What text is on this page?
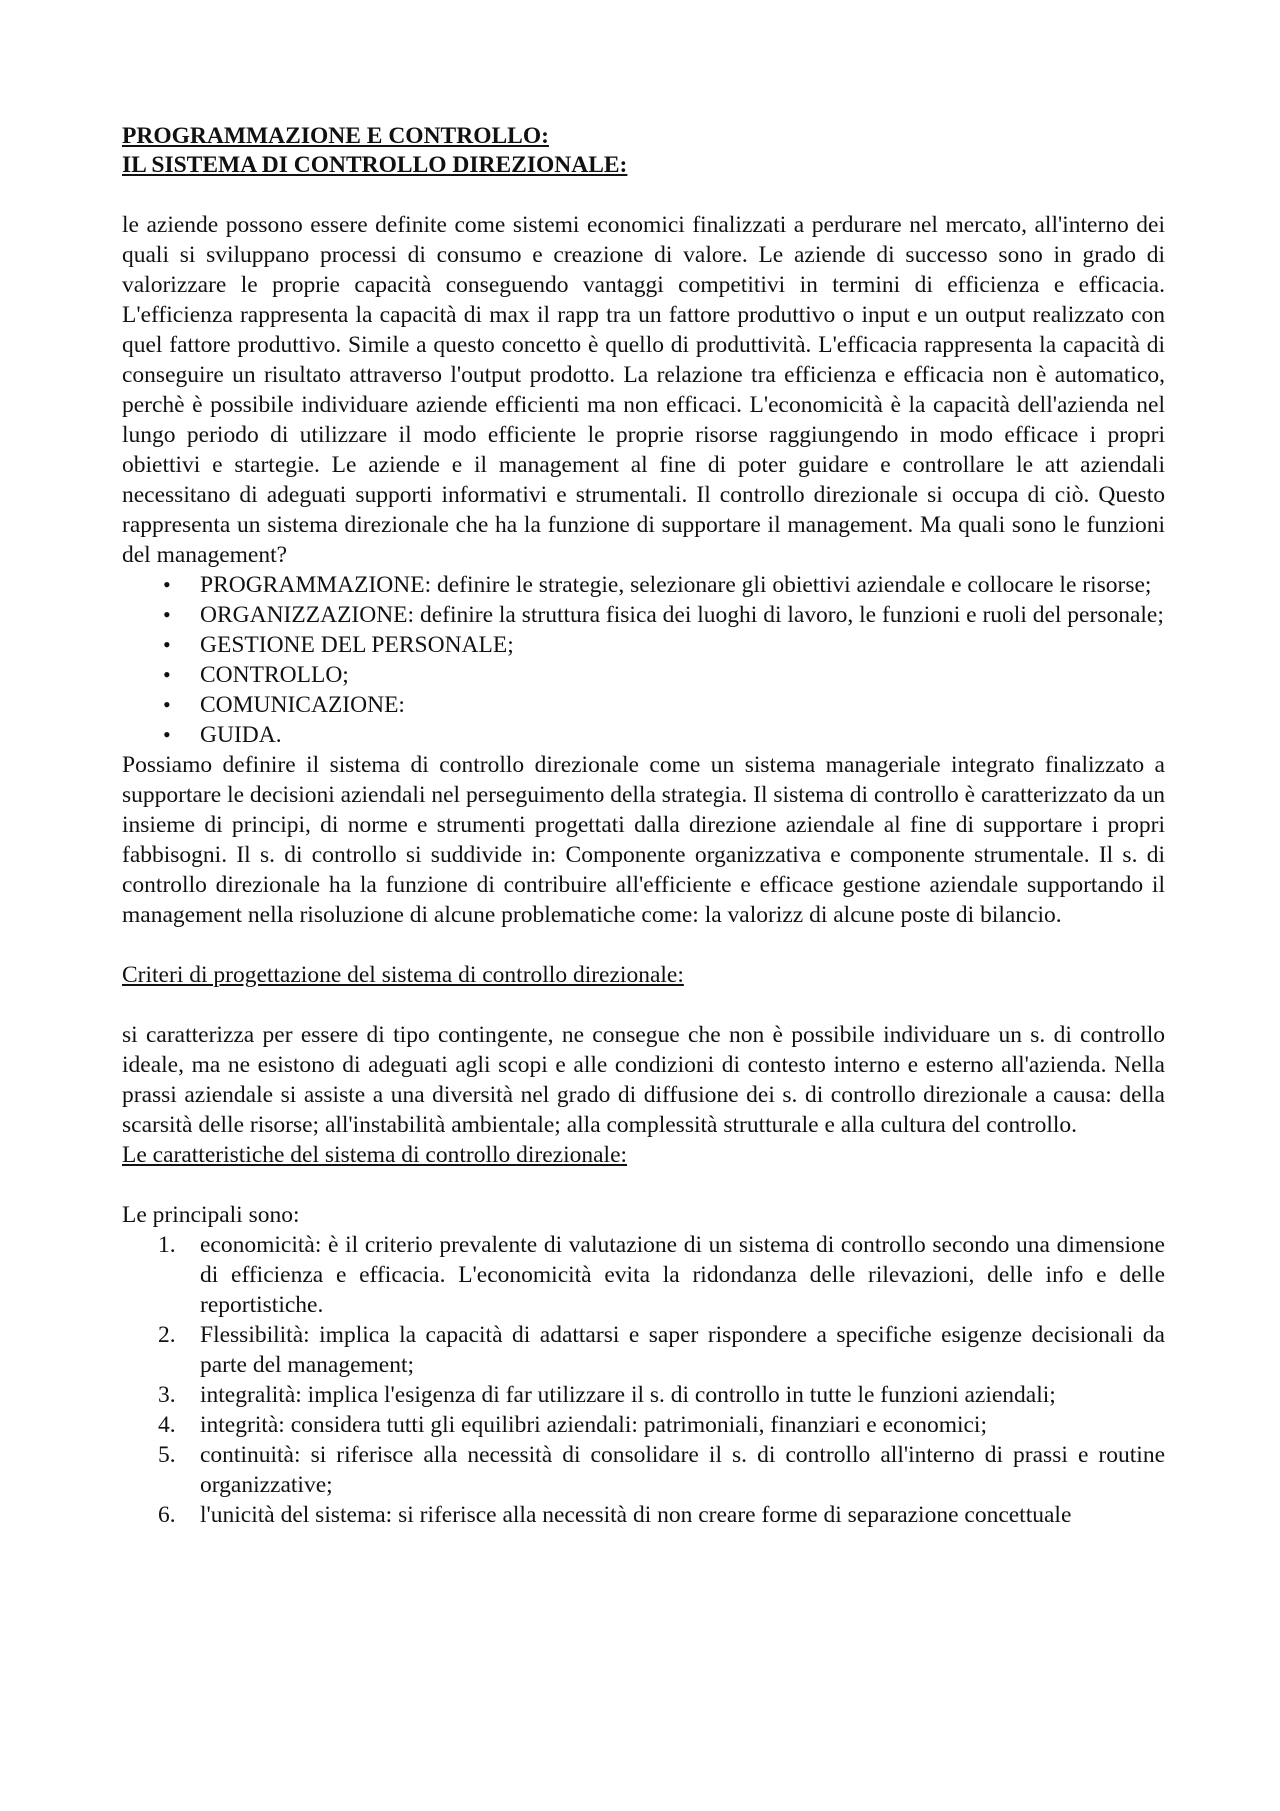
PROGRAMMAZIONE E CONTROLLO:

IL SISTEMA DI CONTROLLO DIREZIONALE:

le aziende possono essere definite come sistemi economici finalizzati a perdurare nel mercato, all'interno dei quali si sviluppano processi di consumo e creazione di valore. Le aziende di successo sono in grado di valorizzare le proprie capacità conseguendo vantaggi competitivi in termini di efficienza e efficacia. L'efficienza rappresenta la capacità di max il rapp tra un fattore produttivo o input e un output realizzato con quel fattore produttivo. Simile a questo concetto è quello di produttività. L'efficacia rappresenta la capacità di conseguire un risultato attraverso l'output prodotto. La relazione tra efficienza e efficacia non è automatico, perchè è possibile individuare aziende efficienti ma non efficaci. L'economicità è la capacità dell'azienda nel lungo periodo di utilizzare il modo efficiente le proprie risorse raggiungendo in modo efficace i propri obiettivi e startegie. Le aziende e il management al fine di poter guidare e controllare le att aziendali necessitano di adeguati supporti informativi e strumentali. Il controllo direzionale si occupa di ciò. Questo rappresenta un sistema direzionale che ha la funzione di supportare il management. Ma quali sono le funzioni del management?

• PROGRAMMAZIONE: definire le strategie, selezionare gli obiettivi aziendale e collocare le risorse;
• ORGANIZZAZIONE: definire la struttura fisica dei luoghi di lavoro, le funzioni e ruoli del personale;
• GESTIONE DEL PERSONALE;
• CONTROLLO;
• COMUNICAZIONE:
• GUIDA.

Possiamo definire il sistema di controllo direzionale come un sistema manageriale integrato finalizzato a supportare le decisioni aziendali nel perseguimento della strategia. Il sistema di controllo è caratterizzato da un insieme di principi, di norme e strumenti progettati dalla direzione aziendale al fine di supportare i propri fabbisogni. Il s. di controllo si suddivide in: Componente organizzativa e componente strumentale. Il s. di controllo direzionale ha la funzione di contribuire all'efficiente e efficace gestione aziendale supportando il management nella risoluzione di alcune problematiche come: la valorizz di alcune poste di bilancio.

Criteri di progettazione del sistema di controllo direzionale:

si caratterizza per essere di tipo contingente, ne consegue che non è possibile individuare un s. di controllo ideale, ma ne esistono di adeguati agli scopi e alle condizioni di contesto interno e esterno all'azienda. Nella prassi aziendale si assiste a una diversità nel grado di diffusione dei s. di controllo direzionale a causa: della scarsità delle risorse; all'instabilità ambientale; alla complessità strutturale e alla cultura del controllo.

Le caratteristiche del sistema di controllo direzionale:

Le principali sono:

1. economicità: è il criterio prevalente di valutazione di un sistema di controllo secondo una dimensione di efficienza e efficacia. L'economicità evita la ridondanza delle rilevazioni, delle info e delle reportistiche.
2. Flessibilità: implica la capacità di adattarsi e saper rispondere a specifiche esigenze decisionali da parte del management;
3. integralità: implica l'esigenza di far utilizzare il s. di controllo in tutte le funzioni aziendali;
4. integrità: considera tutti gli equilibri aziendali: patrimoniali, finanziari e economici;
5. continuità: si riferisce alla necessità di consolidare il s. di controllo all'interno di prassi e routine organizzative;
6. l'unicità del sistema: si riferisce alla necessità di non creare forme di separazione concettuale
